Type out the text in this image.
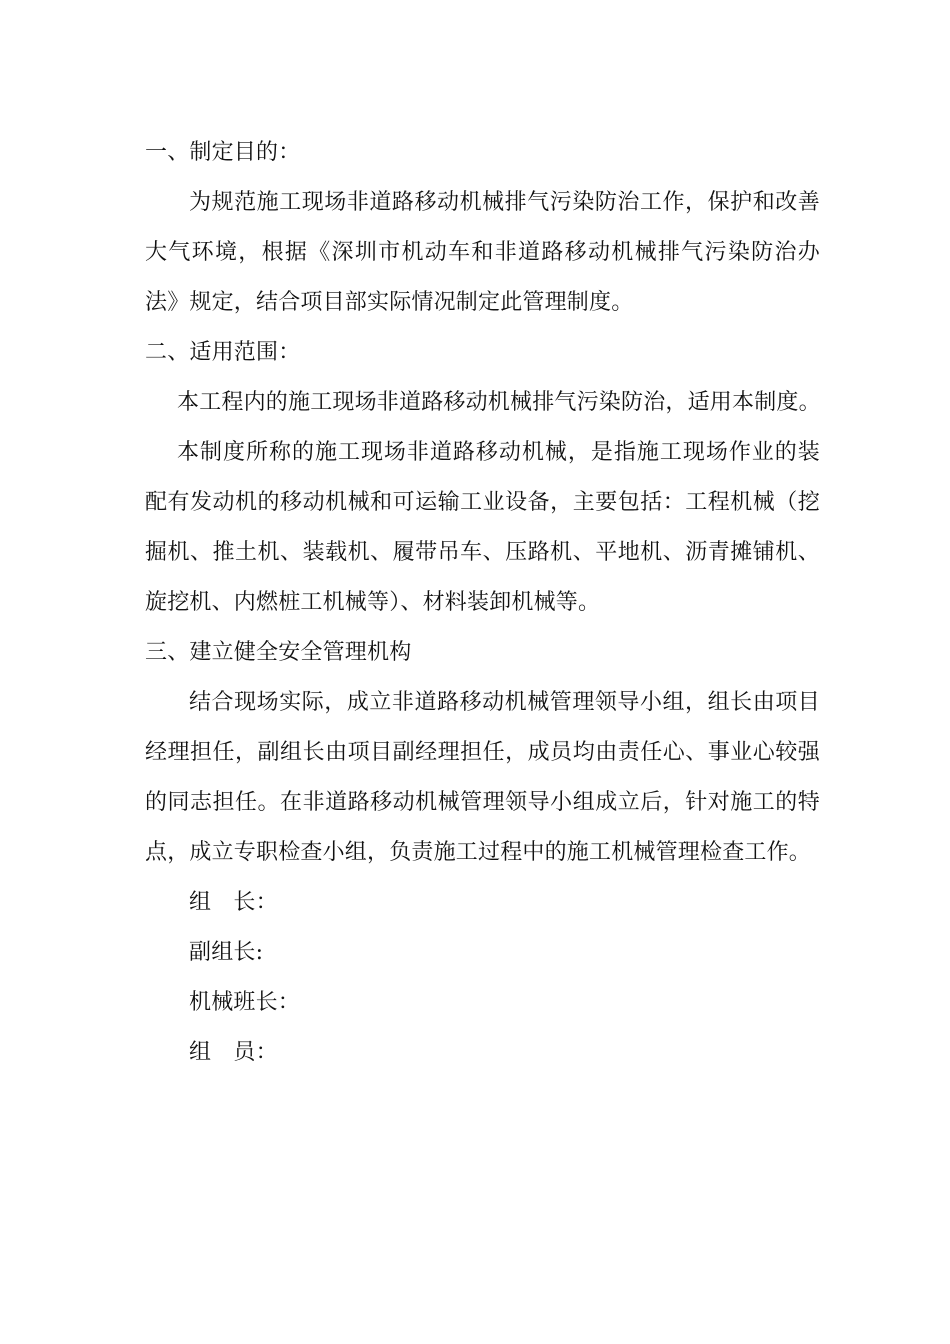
一、制定目的：

为规范施工现场非道路移动机械排气污染防治工作，保护和改善大气环境，根据《深圳市机动车和非道路移动机械排气污染防治办法》规定，结合项目部实际情况制定此管理制度。

二、适用范围：

本工程内的施工现场非道路移动机械排气污染防治，适用本制度。

本制度所称的施工现场非道路移动机械，是指施工现场作业的装配有发动机的移动机械和可运输工业设备，主要包括：工程机械（挖掘机、推土机、装载机、履带吊车、压路机、平地机、沥青摊铺机、旋挖机、内燃桩工机械等）、材料装卸机械等。

三、建立健全安全管理机构

结合现场实际，成立非道路移动机械管理领导小组，组长由项目经理担任，副组长由项目副经理担任，成员均由责任心、事业心较强的同志担任。在非道路移动机械管理领导小组成立后，针对施工的特点，成立专职检查小组，负责施工过程中的施工机械管理检查工作。

组　长：

副组长:

机械班长：

组　员：
